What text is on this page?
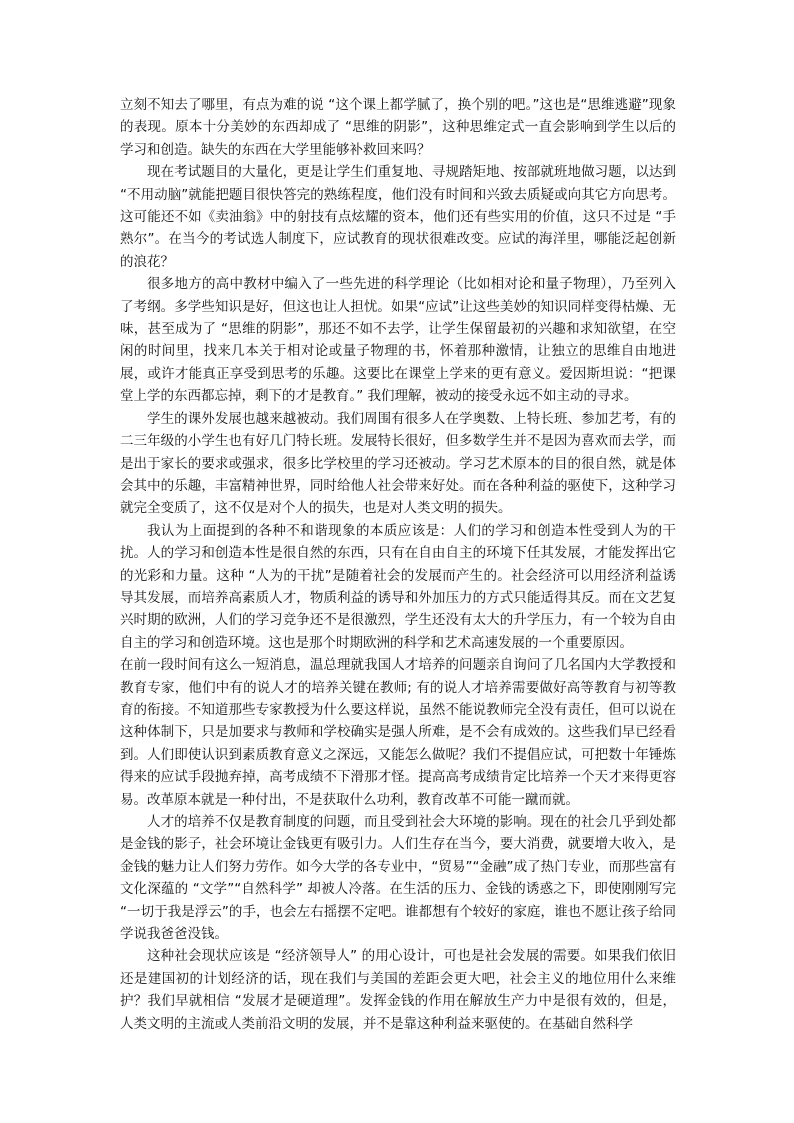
立刻不知去了哪里，有点为难的说 “这个课上都学腻了，换个别的吧。”这也是“思维逃避”现象的表现。原本十分美妙的东西却成了 “思维的阴影”，这种思维定式一直会影响到学生以后的学习和创造。缺失的东西在大学里能够补救回来吗？

现在考试题目的大量化，更是让学生们重复地、寻规踏矩地、按部就班地做习题，以达到 “不用动脑”就能把题目很快答完的熟练程度，他们没有时间和兴致去质疑或向其它方向思考。这可能还不如《卖油翁》中的射技有点炫耀的资本，他们还有些实用的价值，这只不过是 “手熟尔”。在当今的考试选人制度下，应试教育的现状很难改变。应试的海洋里，哪能泛起创新的浪花？

很多地方的高中教材中编入了一些先进的科学理论（比如相对论和量子物理），乃至列入了考纲。多学些知识是好，但这也让人担忧。如果“应试”让这些美妙的知识同样变得枯燥、无味，甚至成为了 “思维的阴影”，那还不如不去学，让学生保留最初的兴趣和求知欲望，在空闲的时间里，找来几本关于相对论或量子物理的书，怀着那种激情，让独立的思维自由地进展，或许才能真正享受到思考的乐趣。这要比在课堂上学来的更有意义。爱因斯坦说：“把课堂上学的东西都忘掉，剩下的才是教育。” 我们理解，被动的接受永远不如主动的寻求。

学生的课外发展也越来越被动。我们周围有很多人在学奥数、上特长班、参加艺考，有的二三年级的小学生也有好几门特长班。发展特长很好，但多数学生并不是因为喜欢而去学，而是出于家长的要求或强求，很多比学校里的学习还被动。学习艺术原本的目的很自然，就是体会其中的乐趣，丰富精神世界，同时给他人社会带来好处。而在各种利益的驱使下，这种学习就完全变质了，这不仅是对个人的损失，也是对人类文明的损失。

我认为上面提到的各种不和谐现象的本质应该是：人们的学习和创造本性受到人为的干扰。人的学习和创造本性是很自然的东西，只有在自由自主的环境下任其发展，才能发挥出它的光彩和力量。这种 “人为的干扰”是随着社会的发展而产生的。社会经济可以用经济利益诱导其发展，而培养高素质人才，物质利益的诱导和外加压力的方式只能适得其反。而在文艺复兴时期的欧洲，人们的学习竞争还不是很激烈，学生还没有太大的升学压力，有一个较为自由自主的学习和创造环境。这也是那个时期欧洲的科学和艺术高速发展的一个重要原因。

在前一段时间有这么一短消息，温总理就我国人才培养的问题亲自询问了几名国内大学教授和教育专家，他们中有的说人才的培养关键在教师; 有的说人才培养需要做好高等教育与初等教育的衔接。不知道那些专家教授为什么要这样说，虽然不能说教师完全没有责任，但可以说在这种体制下，只是加要求与教师和学校确实是强人所难，是不会有成效的。这些我们早已经看到。人们即使认识到素质教育意义之深远，又能怎么做呢？我们不提倡应试，可把数十年锤炼得来的应试手段抛弃掉，高考成绩不下滑那才怪。提高高考成绩肯定比培养一个天才来得更容易。改革原本就是一种付出，不是获取什么功利，教育改革不可能一蹴而就。

人才的培养不仅是教育制度的问题，而且受到社会大环境的影响。现在的社会几乎到处都是金钱的影子，社会环境让金钱更有吸引力。人们生存在当今，要大消费，就要增大收入，是金钱的魅力让人们努力劳作。如今大学的各专业中，“贸易”“金融”成了热门专业，而那些富有文化深蕴的 “文学”“自然科学” 却被人冷落。在生活的压力、金钱的诱惑之下，即使刚刚写完 “一切于我是浮云”的手，也会左右摇摆不定吧。谁都想有个较好的家庭，谁也不愿让孩子给同学说我爸爸没钱。

这种社会现状应该是 “经济领导人” 的用心设计，可也是社会发展的需要。如果我们依旧还是建国初的计划经济的话，现在我们与美国的差距会更大吧，社会主义的地位用什么来维护？我们早就相信 “发展才是硬道理”。发挥金钱的作用在解放生产力中是很有效的，但是，人类文明的主流或人类前沿文明的发展，并不是靠这种利益来驱使的。在基础自然科学
